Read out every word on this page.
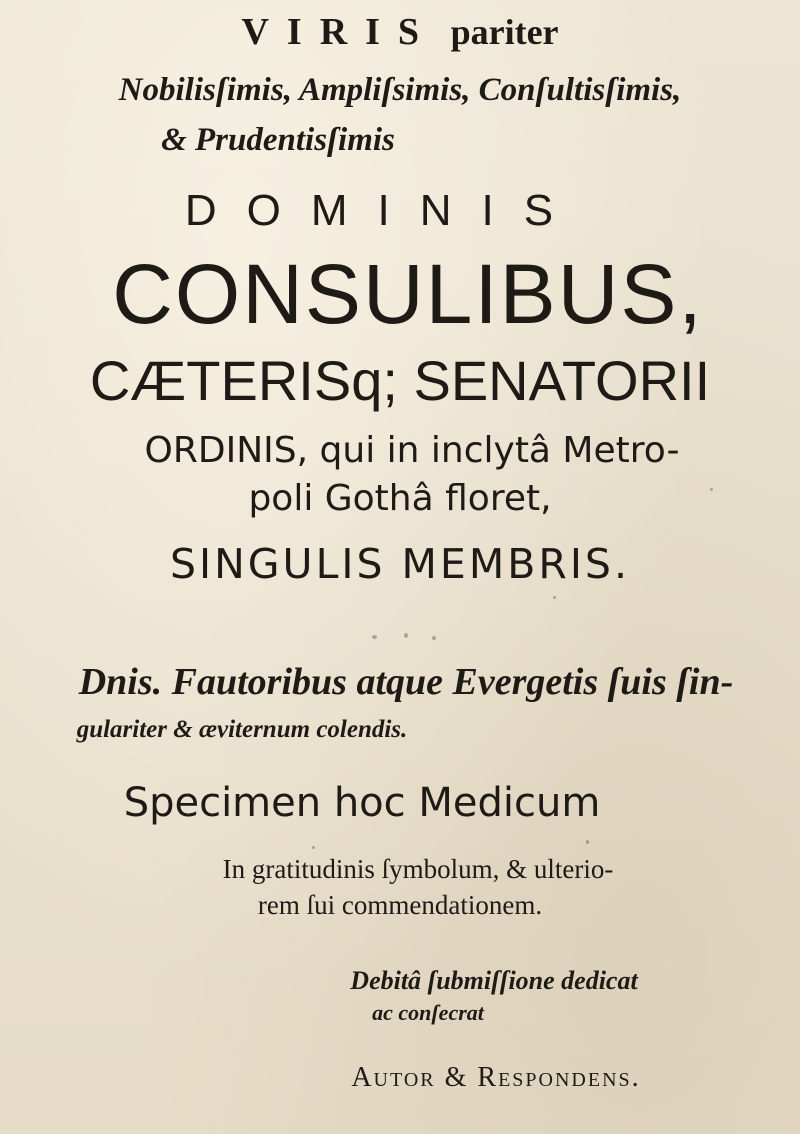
VIRIS pariter
Nobilisſimis, Ampliſsimis, Conſultisſimis,
& Prudentisſimis
DOMINIS
CONSULIBUS,
CÆTERISq; SENATORII
ORDINIS, qui in inclytâ Metro-
poli Gothâ floret,
SINGULIS MEMBRIS.
Dnis. Fautoribus atque Evergetis ſuis ſin-
gulariter & æviternum colendis.
Specimen hoc Medicum
In gratitudinis ſymbolum, & ulterio-
rem ſui commendationem.
Debitâ ſubmiſſione dedicat
ac conſecrat
Autor & Respondens.
